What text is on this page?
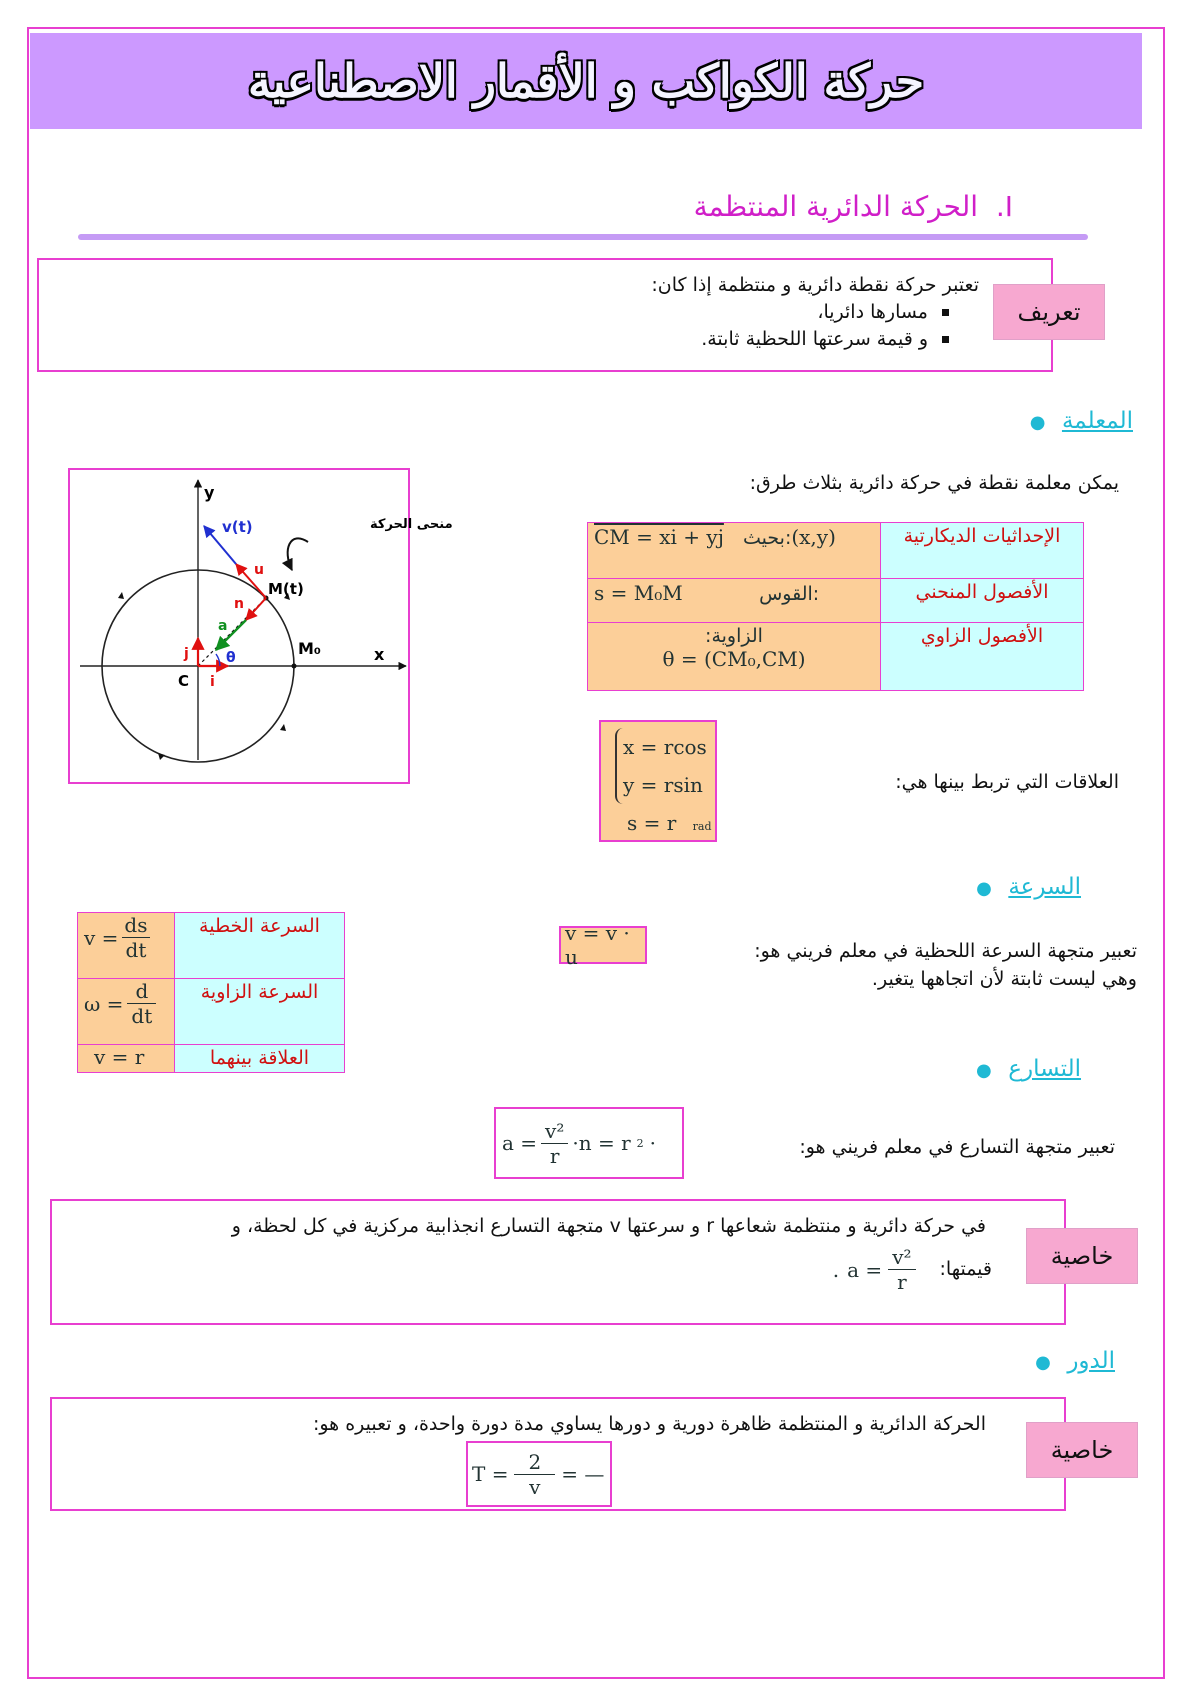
حركة الكواكب و الأقمار الاصطناعية
I.  الحركة الدائرية المنتظمة
تعتبر حركة نقطة دائرية و منتظمة إذا كان:
مسارها دائريا،
و قيمة سرعتها اللحظية ثابتة.
تعريف
المعلمة   ●
يمكن معلمة نقطة في حركة دائرية بثلاث طرق:
y
x
C
M₀
M(t)
v(t)
u
n
a
j
i
θ
منحى الحركة
CM = xi + yj بحيث:(x,y)	الإحداثيات الديكارتية
s = M₀M القوس:	الأفصول المنحني

الزاوية:
θ = (CM₀,CM)	الأفصول الزاوي
x = rcos
y = rsin
s = r rad
العلاقات التي تربط بينها هي:
السرعة   ●
$v = \frac{ds}{dt}$	السرعة الخطية

$\omega = \frac{d}{dt}$	السرعة الزاوية
v = r	العلاقة بينهما
v = v · u	تعبير متجهة السرعة اللحظية في معلم فريني هو:
وهي ليست ثابتة لأن اتجاهها يتغير.
التسارع   ●
$a = \frac{\text{v²}}{r} \cdot n = r$ 2 ·	تعبير متجهة التسارع في معلم فريني هو:
في حركة دائرية و منتظمة شعاعها r و سرعتها v متجهة التسارع انجذابية مركزية في كل لحظة، و
قيمتها:
. $a = \frac{\text{v²}}{r}$	خاصية
الدور   ●
الحركة الدائرية و المنتظمة ظاهرة دورية و دورها يساوي مدة دورة واحدة، و تعبيره هو:
$T = \frac{2}{v}$ = —
خاصية
